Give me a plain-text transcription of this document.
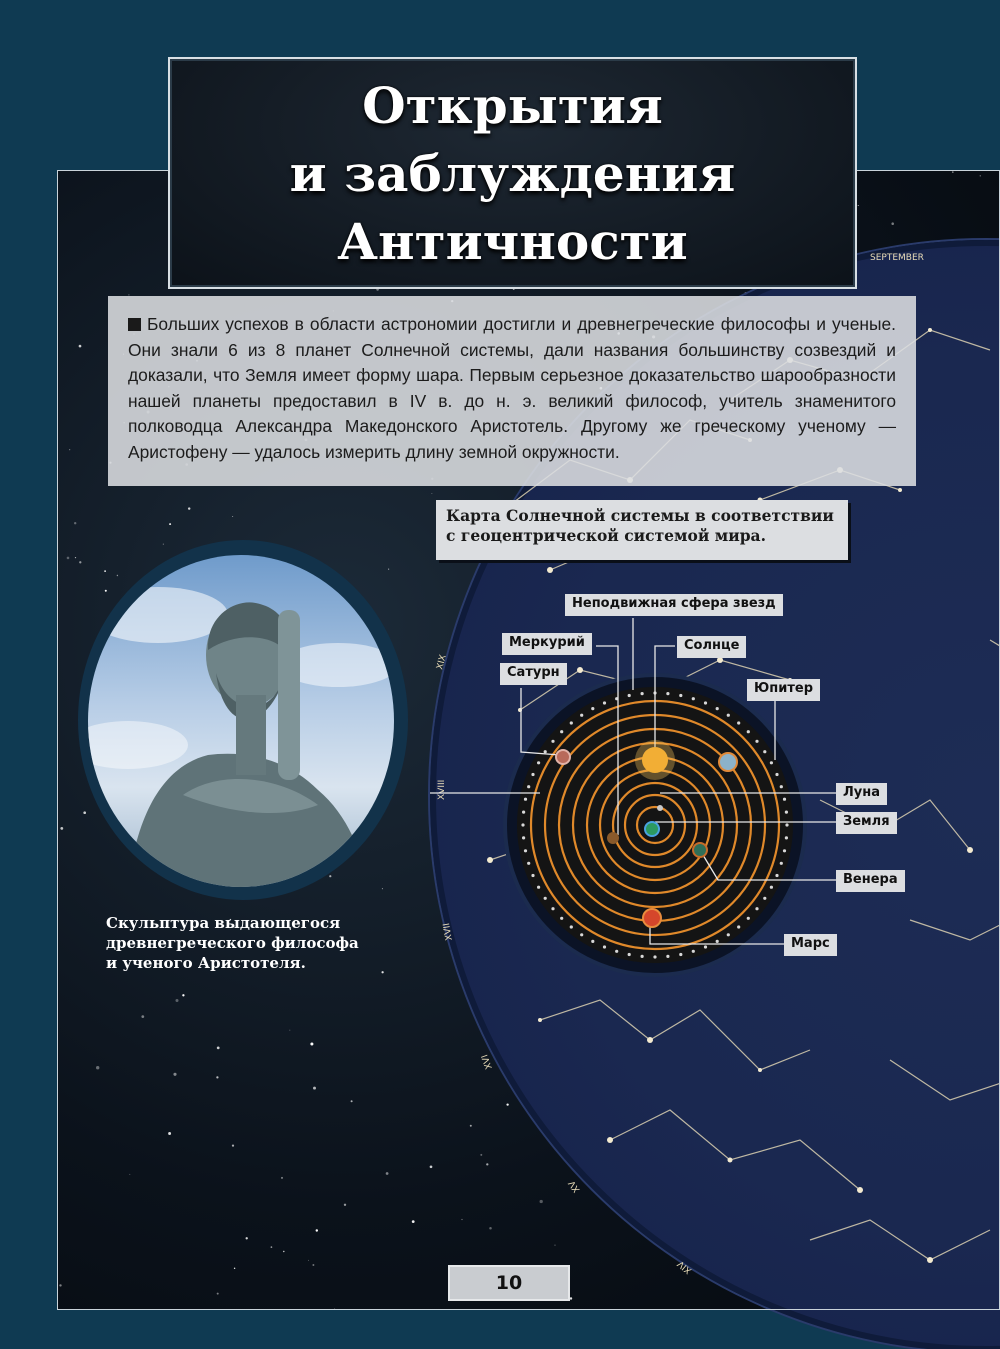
SEPTEMBER
XIX
XVIII
XVII
XVI
XV
XIV
Открытия
и заблуждения
Античности

Больших успехов в области астрономии достигли и древнегреческие философы и ученые. Они знали 6 из 8 планет Солнечной системы, дали названия большинству созвездий и доказали, что Земля имеет форму шара. Первым серьезное доказательство шарообразности нашей планеты предоставил в IV в. до н. э. великий философ, учитель знаменитого полководца Александра Македонского Аристотель. Другому же греческому ученому — Аристофену — удалось измерить длину земной окружности.

Скульптура выдающегося
древнегреческого философа
и ученого Аристотеля.
Карта Солнечной системы в соответствии
с геоцентрической системой мира.
Неподвижная сфера звезд
Меркурий	Солнце
Сатурн
Юпитер
Луна
Земля
Венера
Марс
10
